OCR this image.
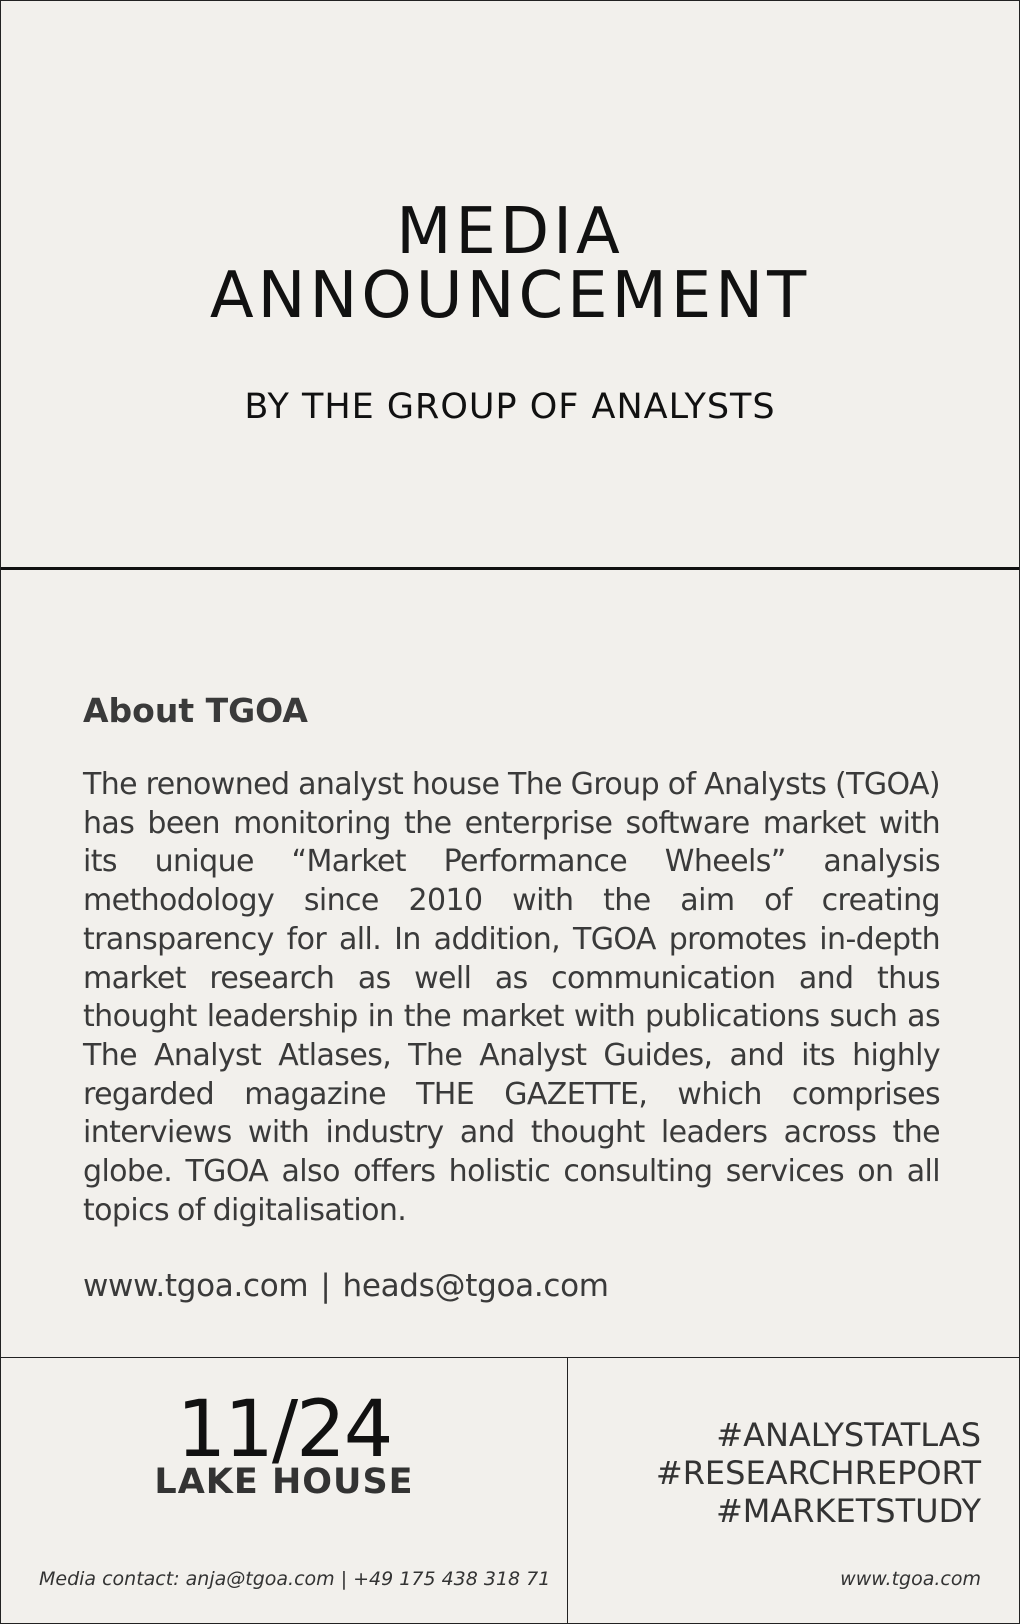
MEDIA
ANNOUNCEMENT
BY THE GROUP OF ANALYSTS
About TGOA

The renowned analyst house The Group of Analysts (TGOA) has been monitoring the enterprise software market with its unique “Market Performance Wheels” analysis methodology since 2010 with the aim of creating transparency for all. In addition, TGOA promotes in-depth market research as well as communication and thus thought leadership in the market with publications such as The Analyst Atlases, The Analyst Guides, and its highly regarded magazine THE GAZETTE, which comprises interviews with industry and thought leaders across the globe. TGOA also offers holistic consulting services on all topics of digitalisation.

www.tgoa.com | heads@tgoa.com
11/24
LAKE HOUSE
Media contact: anja@tgoa.com | +49 175 438 318 71
#ANALYSTATLAS
#RESEARCHREPORT
#MARKETSTUDY
www.tgoa.com
